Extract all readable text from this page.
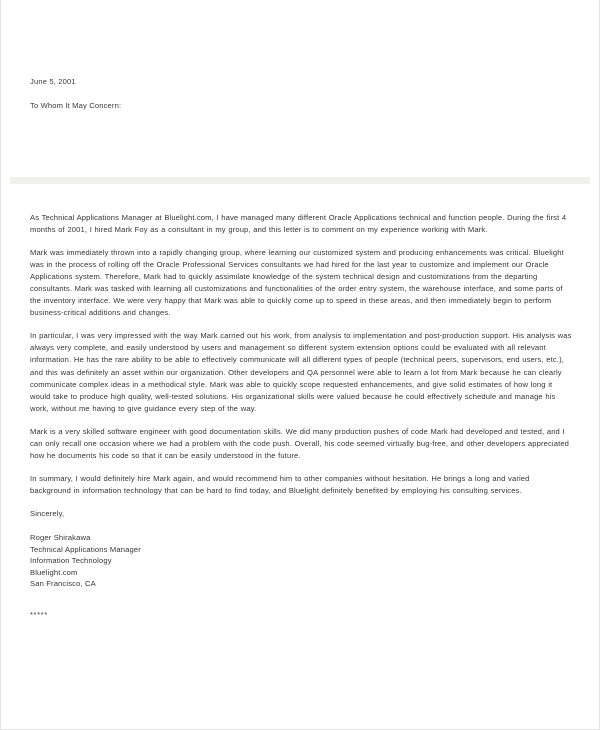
June 5, 2001
To Whom It May Concern:

As Technical Applications Manager at Bluelight.com, I have managed many different Oracle Applications technical and function people. During the first 4 months of 2001, I hired Mark Foy as a consultant in my group, and this letter is to comment on my experience working with Mark.

Mark was immediately thrown into a rapidly changing group, where learning our customized system and producing enhancements was critical. Bluelight was in the process of rolling off the Oracle Professional Services consultants we had hired for the last year to customize and implement our Oracle Applications system. Therefore, Mark had to quickly assimilate knowledge of the system technical design and customizations from the departing consultants. Mark was tasked with learning all customizations and functionalities of the order entry system, the warehouse interface, and some parts of the inventory interface. We were very happy that Mark was able to quickly come up to speed in these areas, and then immediately begin to perform business-critical additions and changes.

In particular, I was very impressed with the way Mark carried out his work, from analysis to implementation and post-production support. His analysis was always very complete, and easily understood by users and management so different system extension options could be evaluated with all relevant information. He has the rare ability to be able to effectively communicate will all different types of people (technical peers, supervisors, end users, etc.), and this was definitely an asset within our organization. Other developers and QA personnel were able to learn a lot from Mark because he can clearly communicate complex ideas in a methodical style. Mark was able to quickly scope requested enhancements, and give solid estimates of how long it would take to produce high quality, well-tested solutions. His organizational skills were valued because he could effectively schedule and manage his work, without me having to give guidance every step of the way.

Mark is a very skilled software engineer with good documentation skills. We did many production pushes of code Mark had developed and tested, and I can only recall one occasion where we had a problem with the code push. Overall, his code seemed virtually bug-free, and other developers appreciated how he documents his code so that it can be easily understood in the future.

In summary, I would definitely hire Mark again, and would recommend him to other companies without hesitation. He brings a long and varied background in information technology that can be hard to find today, and Bluelight definitely benefited by employing his consulting services.

Sincerely,
Roger Shirakawa
Technical Applications Manager
Information Technology
Bluelight.com
San Francisco, CA
*****
